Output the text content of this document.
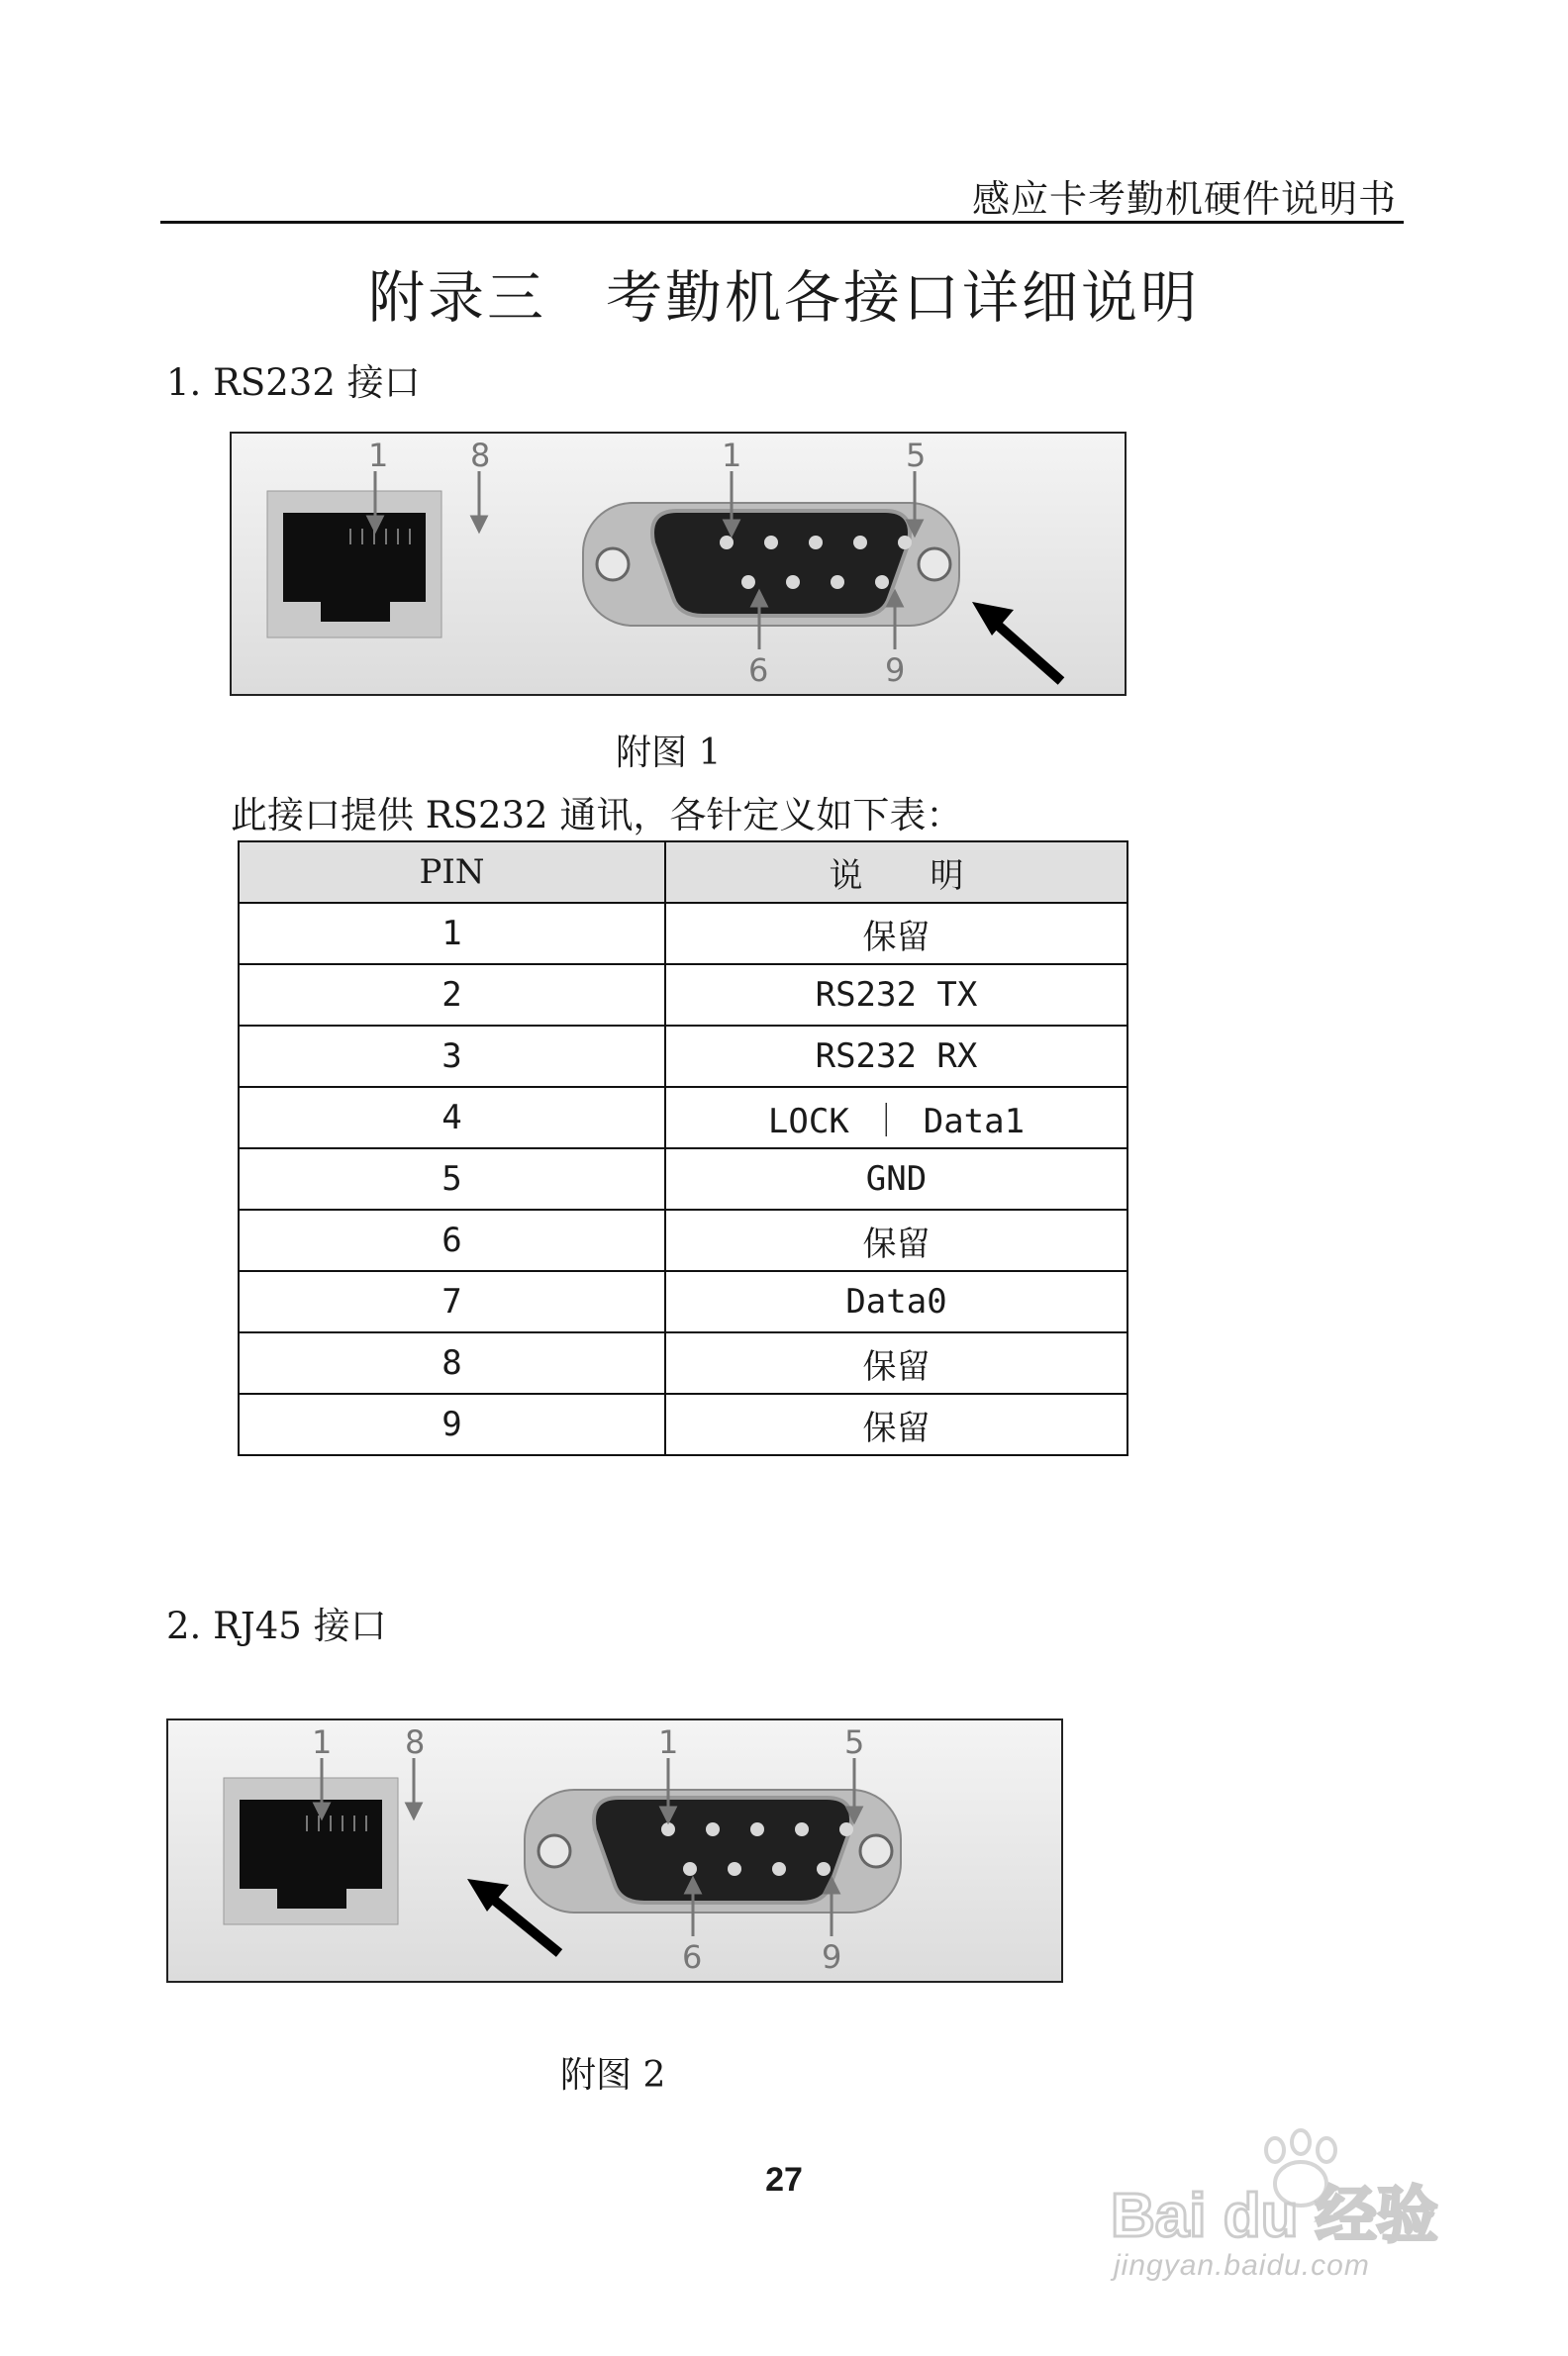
感应卡考勤机硬件说明书
附录三　考勤机各接口详细说明
1. RS232 接口
1	8	1	5
6	9
附图 1
此接口提供 RS232 通讯，各针定义如下表：
PIN	说　　明
1	保留
2	RS232 TX
3	RS232 RX
4	LOCK ｜ Data1
5	GND
6	保留
7	Data0
8	保留
9	保留
2. RJ45 接口
1 8	1	5
6	9
附图 2
27
Bai du 经验
jingyan.baidu.com
